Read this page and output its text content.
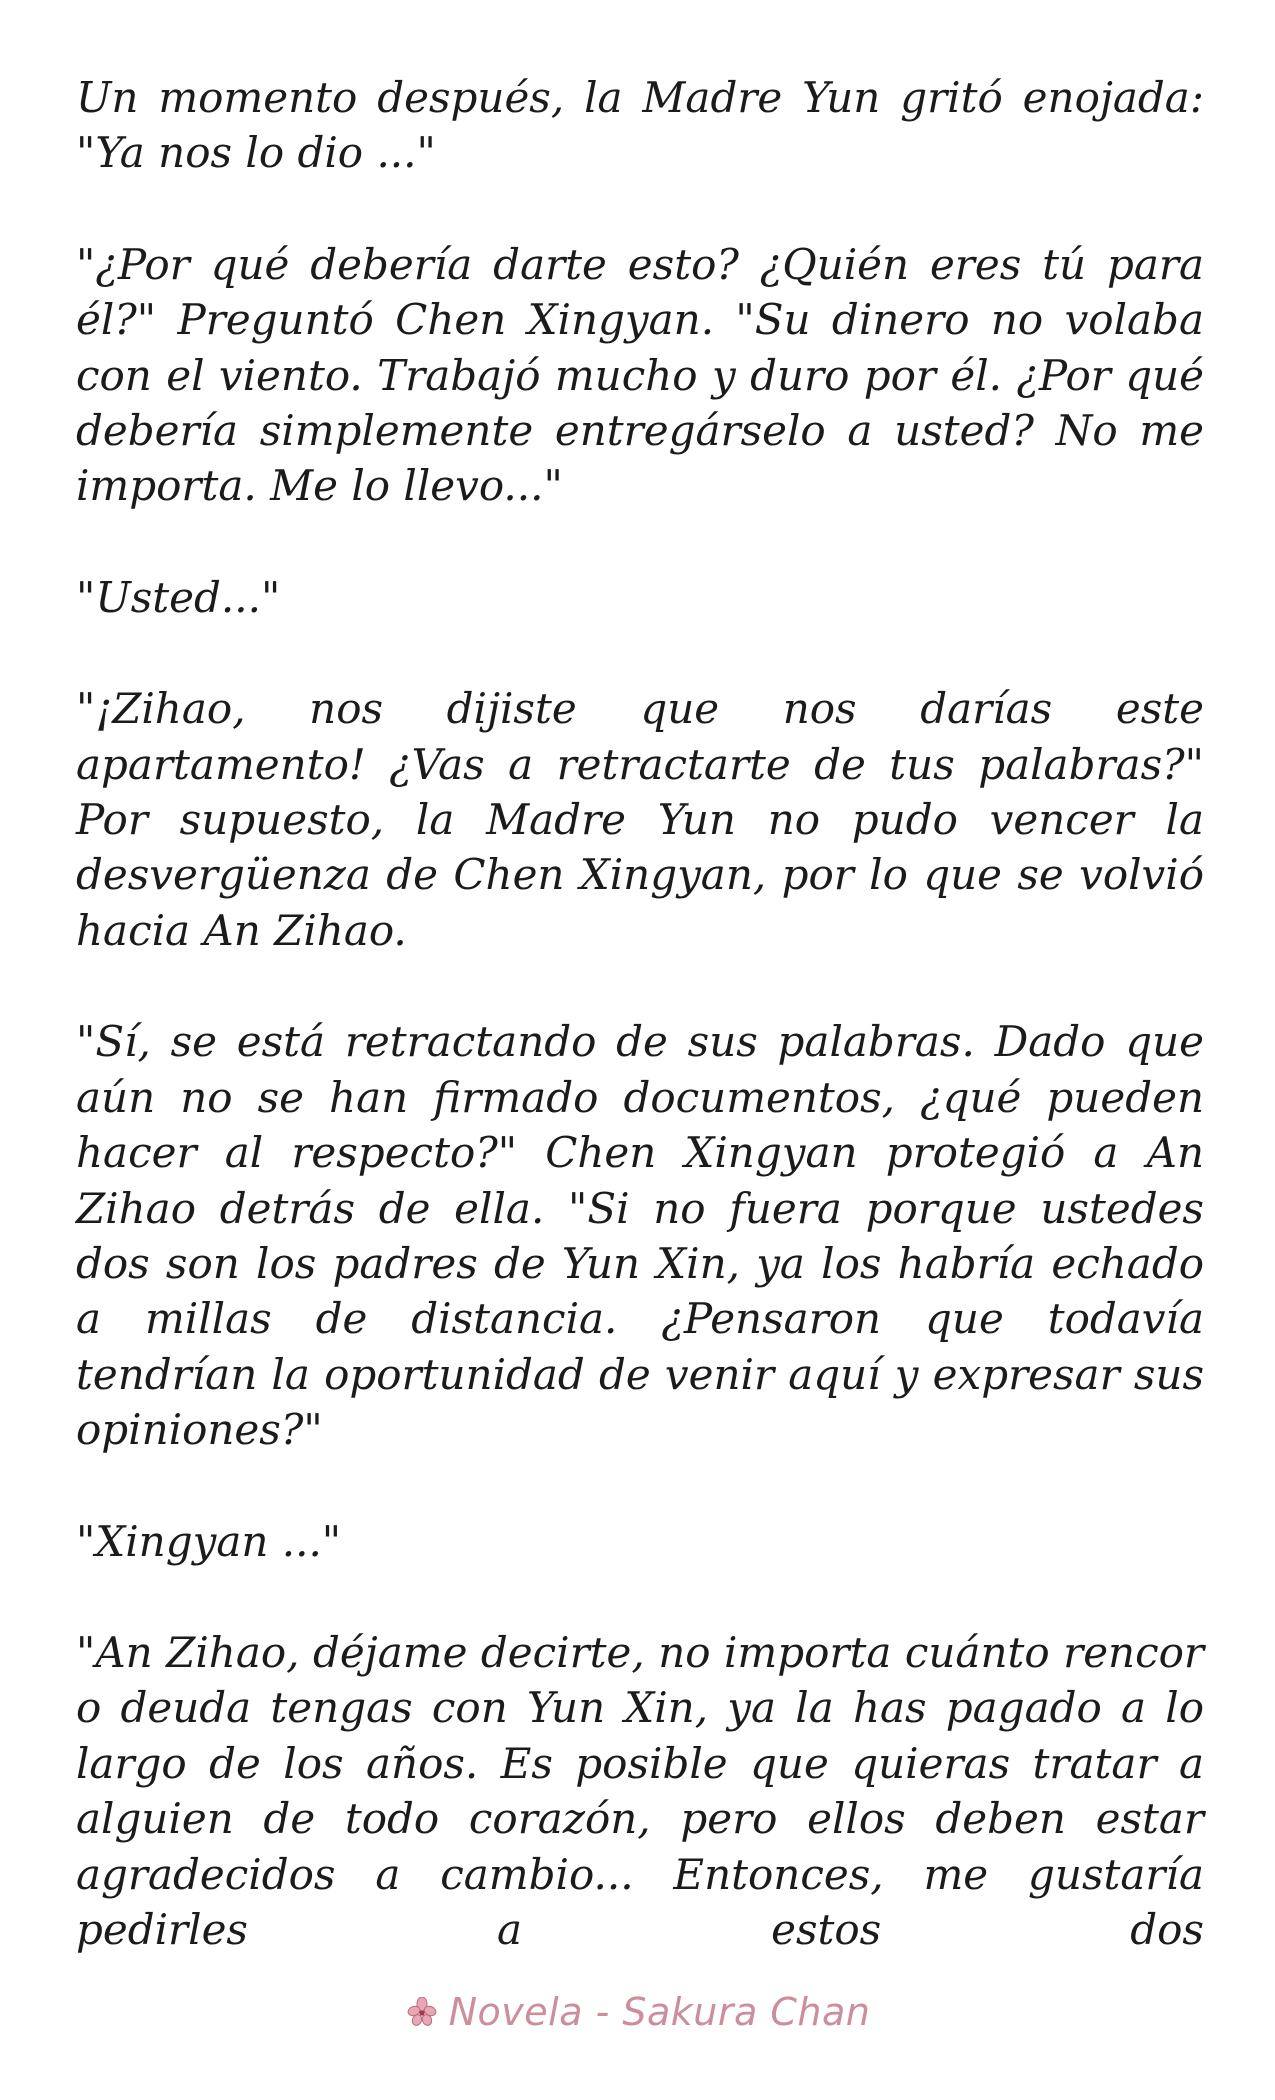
Un momento después, la Madre Yun gritó enojada: "Ya nos lo dio ..."

"¿Por qué debería darte esto? ¿Quién eres tú para él?" Preguntó Chen Xingyan. "Su dinero no volaba con el viento. Trabajó mucho y duro por él. ¿Por qué debería simplemente entregárselo a usted? No me importa. Me lo llevo..."

"Usted..."

"¡Zihao, nos dijiste que nos darías este apartamento! ¿Vas a retractarte de tus palabras?" Por supuesto, la Madre Yun no pudo vencer la desvergüenza de Chen Xingyan, por lo que se volvió hacia An Zihao.

"Sí, se está retractando de sus palabras. Dado que aún no se han firmado documentos, ¿qué pueden hacer al respecto?" Chen Xingyan protegió a An Zihao detrás de ella. "Si no fuera porque ustedes dos son los padres de Yun Xin, ya los habría echado a millas de distancia. ¿Pensaron que todavía tendrían la oportunidad de venir aquí y expresar sus opiniones?"

"Xingyan ..."

"An Zihao, déjame decirte, no importa cuánto rencor o deuda tengas con Yun Xin, ya la has pagado a lo largo de los años. Es posible que quieras tratar a alguien de todo corazón, pero ellos deben estar agradecidos a cambio... Entonces, me gustaría pedirles a estos dos

Novela - Sakura Chan
